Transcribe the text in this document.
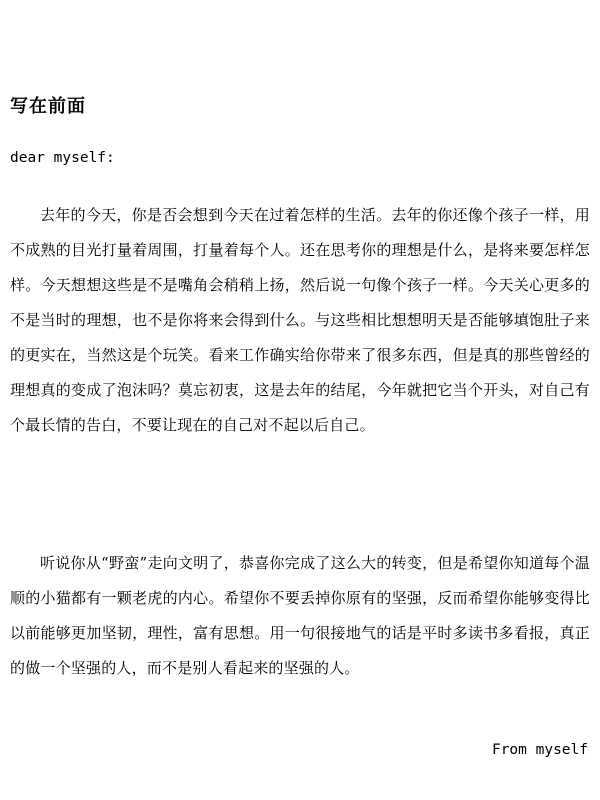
写在前面

dear myself:

去年的今天，你是否会想到今天在过着怎样的生活。去年的你还像个孩子一样，用不成熟的目光打量着周围，打量着每个人。还在思考你的理想是什么，是将来要怎样怎样。今天想想这些是不是嘴角会稍稍上扬，然后说一句像个孩子一样。今天关心更多的不是当时的理想，也不是你将来会得到什么。与这些相比想想明天是否能够填饱肚子来的更实在，当然这是个玩笑。看来工作确实给你带来了很多东西，但是真的那些曾经的理想真的变成了泡沫吗？莫忘初衷，这是去年的结尾，今年就把它当个开头，对自己有个最长情的告白，不要让现在的自己对不起以后自己。

听说你从“野蛮”走向文明了，恭喜你完成了这么大的转变，但是希望你知道每个温顺的小猫都有一颗老虎的内心。希望你不要丢掉你原有的坚强，反而希望你能够变得比以前能够更加坚韧，理性，富有思想。用一句很接地气的话是平时多读书多看报，真正的做一个坚强的人，而不是别人看起来的坚强的人。

From myself
